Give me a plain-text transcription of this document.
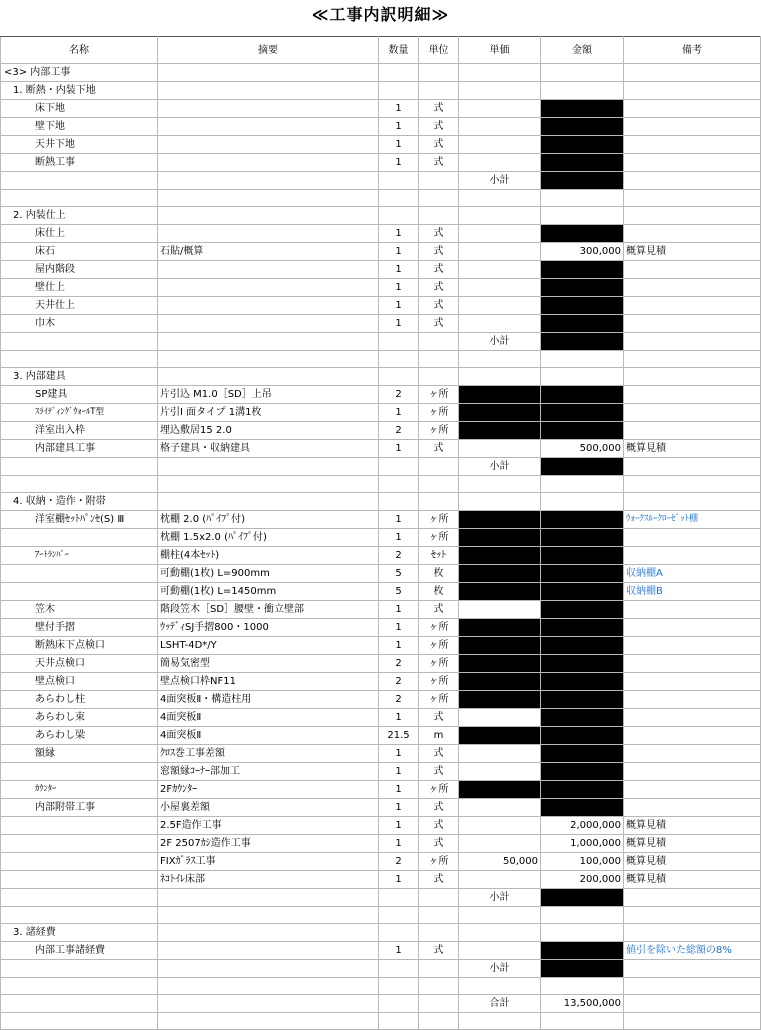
≪工事内訳明細≫
名称	摘要	数量	単位	単価	金額	備考
<3> 内部工事						
1. 断熱・内装下地						
床下地		1	式			
壁下地		1	式			
天井下地		1	式			
断熱工事		1	式			
				小計		

2. 内装仕上						
床仕上		1	式			
床石	石貼/概算	1	式		300,000	概算見積
屋内階段		1	式			
壁仕上		1	式			
天井仕上		1	式			
巾木		1	式			
				小計		

3. 内部建具						
SP建具	片引込 M1.0［SD］上吊	2	ヶ所			
ｽﾗｲﾃﾞｨﾝｸﾞｳｫｰﾙT型	片引Ⅰ 面タイプ 1溝1枚	1	ヶ所			
洋室出入枠	埋込敷居15 2.0	2	ヶ所			
内部建具工事	格子建具・収納建具	1	式		500,000	概算見積
				小計		

4. 収納・造作・附帯						
洋室棚ｾｯﾄﾊﾟﾝｾ(S) Ⅲ	枕棚 2.0 (ﾊﾟｲﾌﾟ付)	1	ヶ所			ｳｫｰｸｽﾙｰｸﾛｰｾﾞｯﾄ棚
	枕棚 1.5x2.0 (ﾊﾟｲﾌﾟ付)	1	ヶ所			
ｱｰﾄﾗﾝﾊﾟｰ	棚柱(4本ｾｯﾄ)	2	ｾｯﾄ			
	可動棚(1枚) L=900mm	5	枚			収納棚A
	可動棚(1枚) L=1450mm	5	枚			収納棚B
笠木	階段笠木［SD］腰壁・衝立壁部	1	式			
壁付手摺	ｳｯﾃﾞｨSJ手摺800・1000	1	ヶ所			
断熱床下点検口	LSHT-4D*/Y	1	ヶ所			
天井点検口	簡易気密型	2	ヶ所			
壁点検口	壁点検口枠NF11	2	ヶ所			
あらわし柱	4面突板Ⅱ・構造柱用	2	ヶ所			
あらわし束	4面突板Ⅱ	1	式			
あらわし梁	4面突板Ⅱ	21.5	m			
額縁	ｸﾛｽ巻工事差額	1	式			
	窓額縁ｺｰﾅｰ部加工	1	式			
ｶｳﾝﾀｰ	2Fｶｳﾝﾀｰ	1	ヶ所			
内部附帯工事	小屋裏差額	1	式			
	2.5F造作工事	1	式		2,000,000	概算見積
	2F 2507ｶｼ造作工事	1	式		1,000,000	概算見積
	FIXｶﾞﾗｽ工事	2	ヶ所	50,000	100,000	概算見積
	ﾈｺﾄｲﾚ床部	1	式		200,000	概算見積
				小計		

3. 諸経費						
内部工事諸経費		1	式			値引を除いた総額の8%
				小計		

				合計	13,500,000	
